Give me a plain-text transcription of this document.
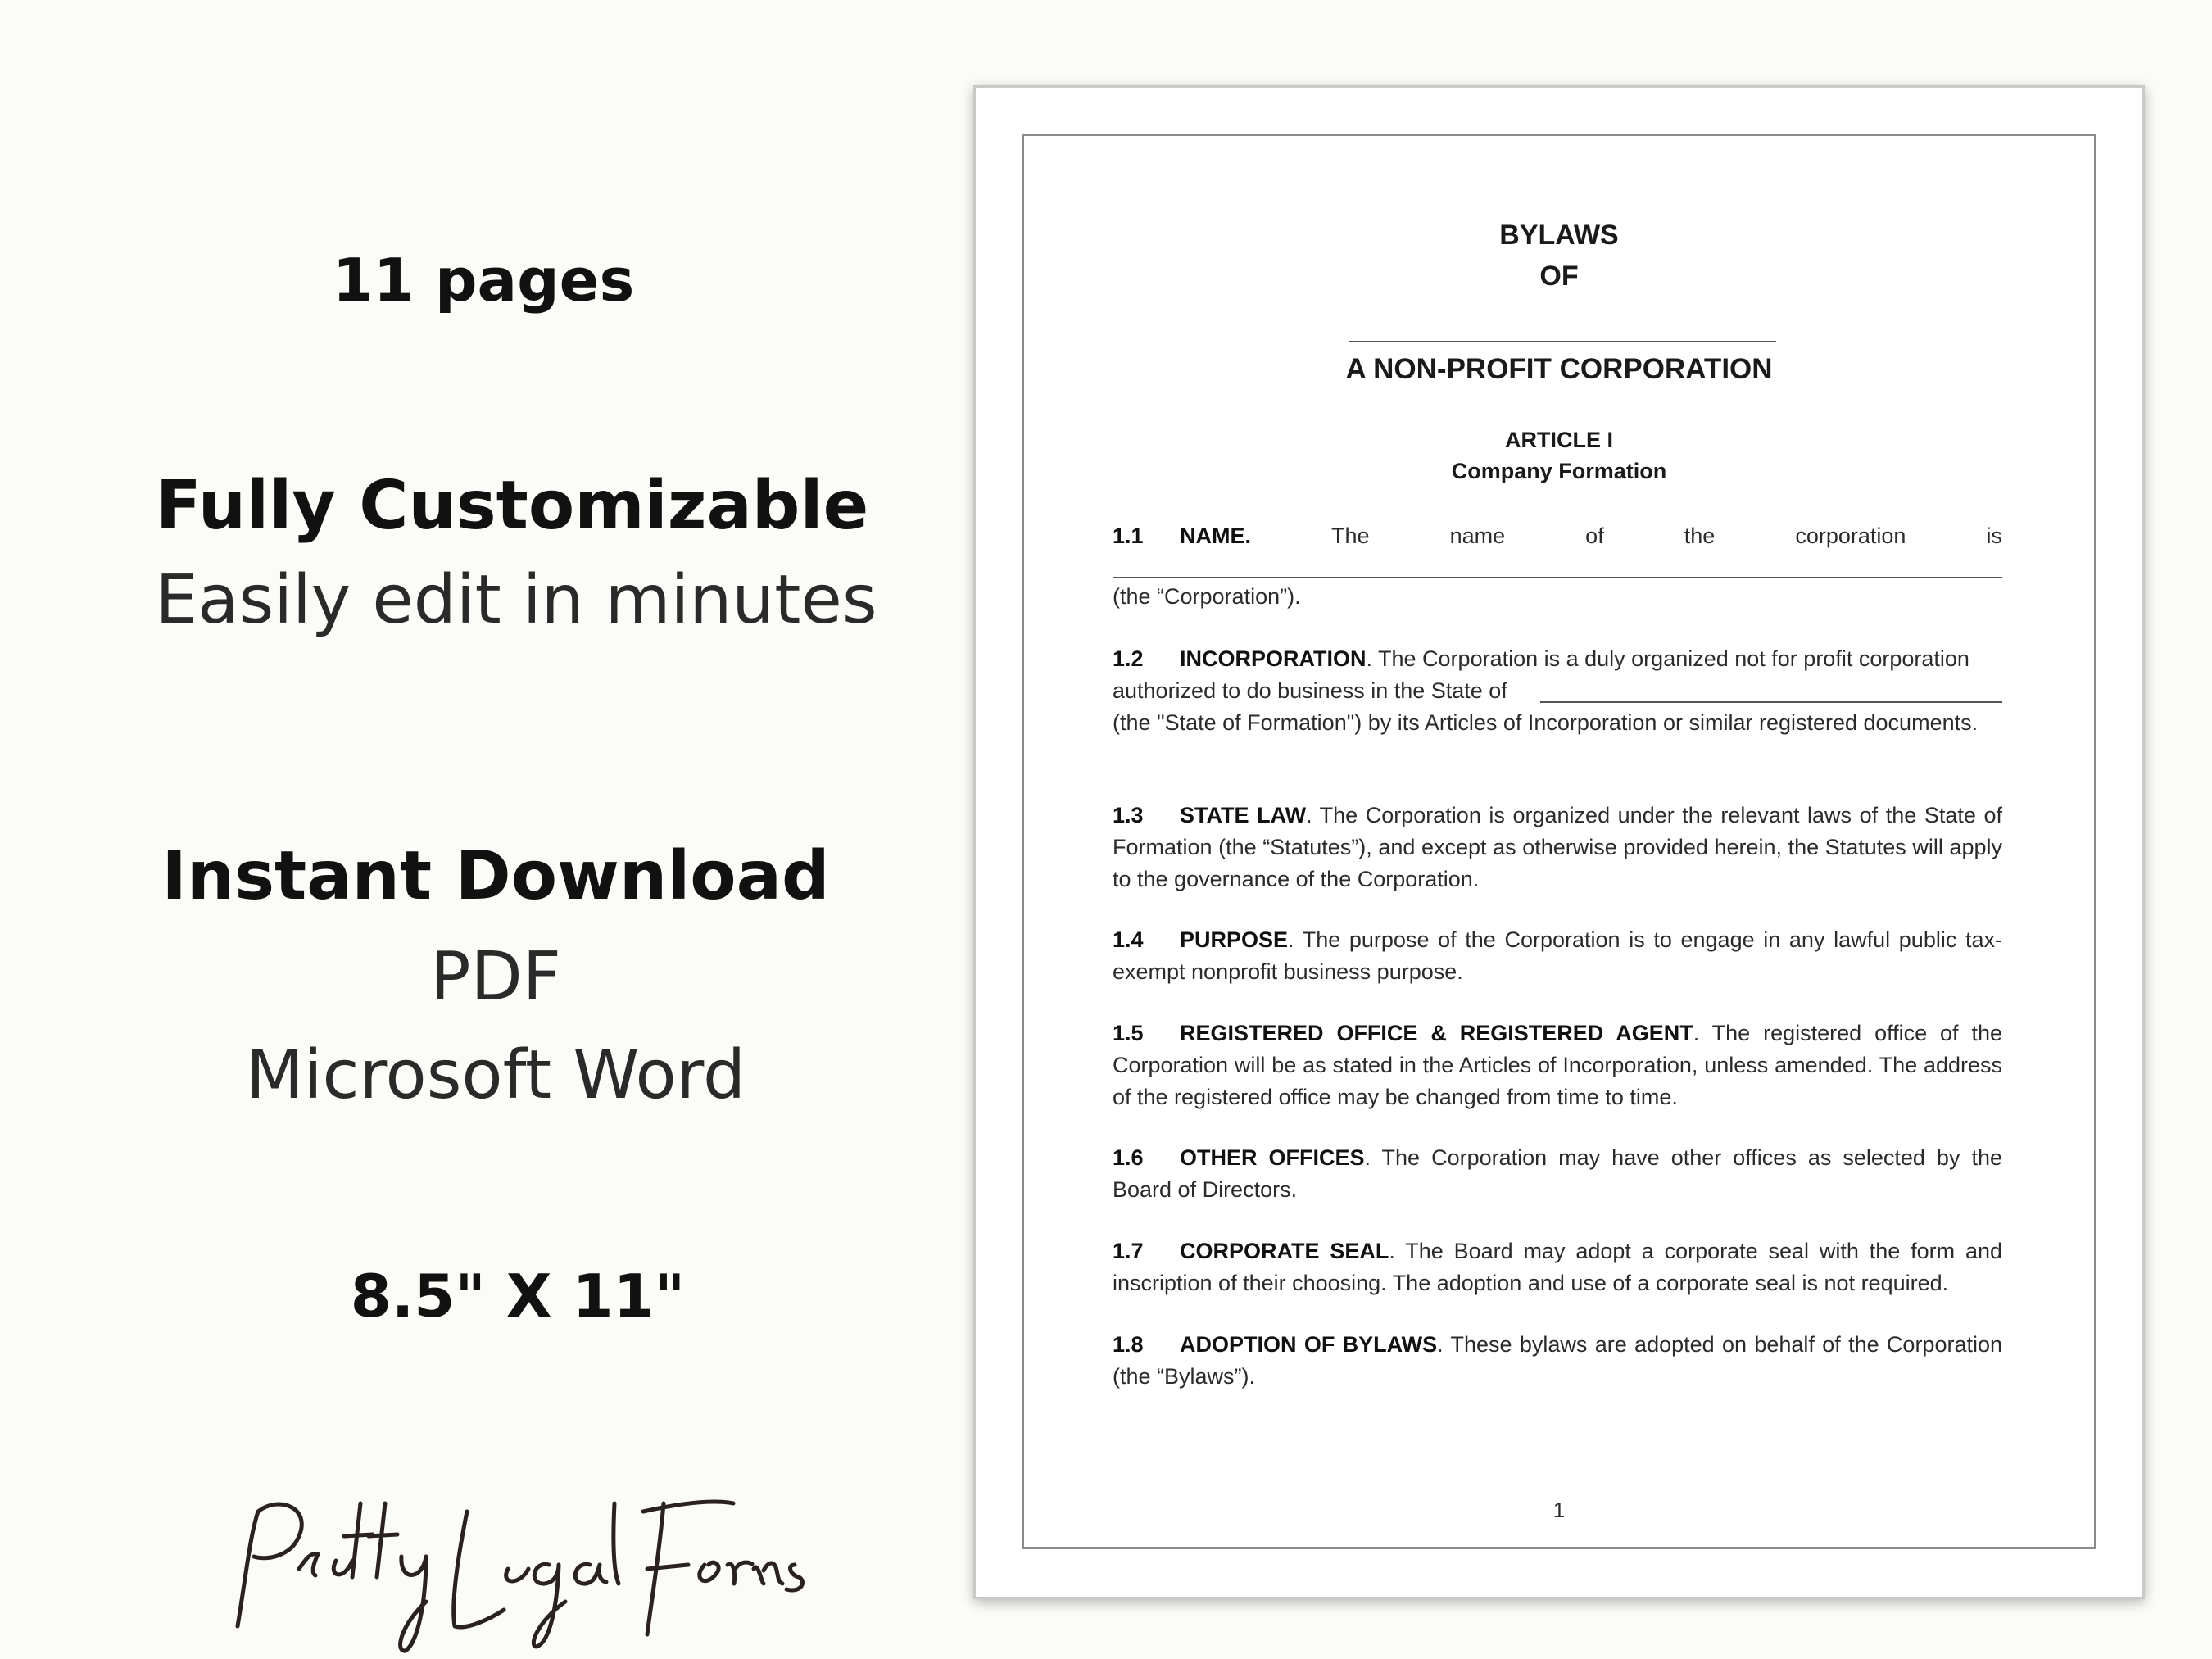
11 pages
Fully Customizable
Easily edit in minutes
Instant Download
PDF
Microsoft Word
8.5" X 11"
Pretty Legal Forms
BYLAWS
OF
A NON-PROFIT CORPORATION
ARTICLE I
Company Formation
1.1 NAME.	The	name	of	the	corporation	is
(the “Corporation”).
1.2 INCORPORATION. The Corporation is a duly organized not for profit corporation
authorized to do business in the State of
(the "State of Formation") by its Articles of Incorporation or similar registered documents.
1.3 STATE LAW. The Corporation is organized under the relevant laws of the State of Formation (the “Statutes”), and except as otherwise provided herein, the Statutes will apply to the governance of the Corporation.
1.4 PURPOSE. The purpose of the Corporation is to engage in any lawful public tax-exempt nonprofit business purpose.
1.5 REGISTERED OFFICE & REGISTERED AGENT. The registered office of the Corporation will be as stated in the Articles of Incorporation, unless amended. The address of the registered office may be changed from time to time.
1.6 OTHER OFFICES. The Corporation may have other offices as selected by the Board of Directors.
1.7 CORPORATE SEAL. The Board may adopt a corporate seal with the form and inscription of their choosing. The adoption and use of a corporate seal is not required.
1.8 ADOPTION OF BYLAWS. These bylaws are adopted on behalf of the Corporation (the “Bylaws”).
1
